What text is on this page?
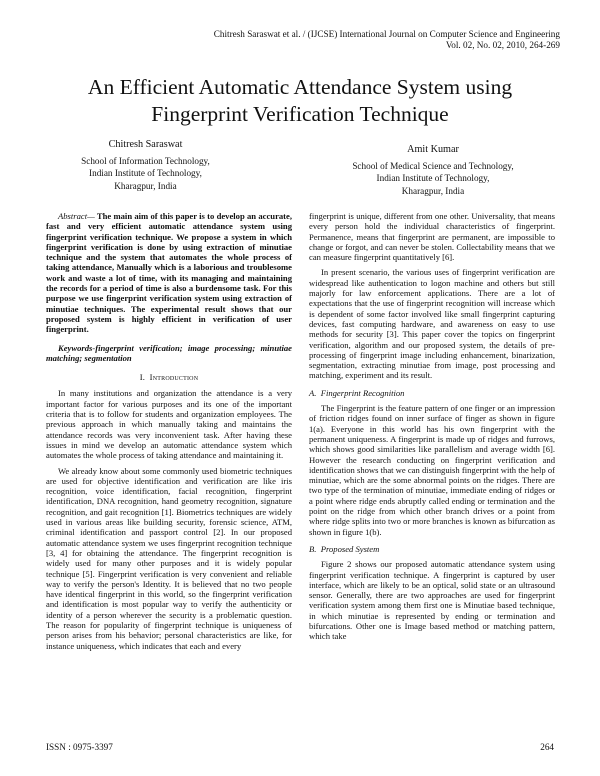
Chitresh Saraswat et al. / (IJCSE) International Journal on Computer Science and Engineering
Vol. 02, No. 02, 2010, 264-269
An Efficient Automatic Attendance System using
Fingerprint Verification Technique
Chitresh Saraswat
School of Information Technology,
Indian Institute of Technology,
Kharagpur, India
Amit Kumar
School of Medical Science and Technology,
Indian Institute of Technology,
Kharagpur, India

Abstract— The main aim of this paper is to develop an accurate, fast and very efficient automatic attendance system using fingerprint verification technique. We propose a system in which fingerprint verification is done by using extraction of minutiae technique and the system that automates the whole process of taking attendance, Manually which is a laborious and troublesome work and waste a lot of time, with its managing and maintaining the records for a period of time is also a burdensome task. For this purpose we use fingerprint verification system using extraction of minutiae techniques. The experimental result shows that our proposed system is highly efficient in verification of user fingerprint.

Keywords-fingerprint verification; image processing; minutiae matching; segmentation

I. Introduction

In many institutions and organization the attendance is a very important factor for various purposes and its one of the important criteria that is to follow for students and organization employees. The previous approach in which manually taking and maintains the attendance records was very inconvenient task. After having these issues in mind we develop an automatic attendance system which automates the whole process of taking attendance and maintaining it.

We already know about some commonly used biometric techniques are used for objective identification and verification are like iris recognition, voice identification, facial recognition, fingerprint identification, DNA recognition, hand geometry recognition, signature recognition, and gait recognition [1]. Biometrics techniques are widely used in various areas like building security, forensic science, ATM, criminal identification and passport control [2]. In our proposed automatic attendance system we uses fingerprint recognition technique [3, 4] for obtaining the attendance. The fingerprint recognition is widely used for many other purposes and it is widely popular technique [5]. Fingerprint verification is very convenient and reliable way to verify the person's Identity. It is believed that no two people have identical fingerprint in this world, so the fingerprint verification and identification is most popular way to verify the authenticity or identity of a person wherever the security is a problematic question. The reason for popularity of fingerprint technique is uniqueness of person arises from his behavior; personal characteristics are like, for instance uniqueness, which indicates that each and every

fingerprint is unique, different from one other. Universality, that means every person hold the individual characteristics of fingerprint. Permanence, means that fingerprint are permanent, are impossible to change or forgot, and can never be stolen. Collectability means that we can measure fingerprint quantitatively [6].

In present scenario, the various uses of fingerprint verification are widespread like authentication to logon machine and others but still majorly for law enforcement applications. There are a lot of expectations that the use of fingerprint recognition will increase which is dependent of some factor involved like small fingerprint capturing devices, fast computing hardware, and awareness on easy to use methods for security [3]. This paper cover the topics on fingerprint verification, algorithm and our proposed system, the details of pre-processing of fingerprint image including enhancement, binarization, segmentation, extracting minutiae from image, post processing and matching, experiment and its result.

A. Fingerprint Recognition

The Fingerprint is the feature pattern of one finger or an impression of friction ridges found on inner surface of finger as shown in figure 1(a). Everyone in this world has his own fingerprint with the permanent uniqueness. A fingerprint is made up of ridges and furrows, which shows good similarities like parallelism and average width [6]. However the research conducting on fingerprint verification and identification shows that we can distinguish fingerprint with the help of minutiae, which are the some abnormal points on the ridges. There are two type of the termination of minutiae, immediate ending of ridges or a point where ridge ends abruptly called ending or termination and the point on the ridge from which other branch drives or a point from where ridge splits into two or more branches is known as bifurcation as shown in figure 1(b).

B. Proposed System

Figure 2 shows our proposed automatic attendance system using fingerprint verification technique. A fingerprint is captured by user interface, which are likely to be an optical, solid state or an ultrasound sensor. Generally, there are two approaches are used for fingerprint verification system among them first one is Minutiae based technique, in which minutiae is represented by ending or termination and bifurcations. Other one is Image based method or matching pattern, which take

ISSN : 0975-3397	264
